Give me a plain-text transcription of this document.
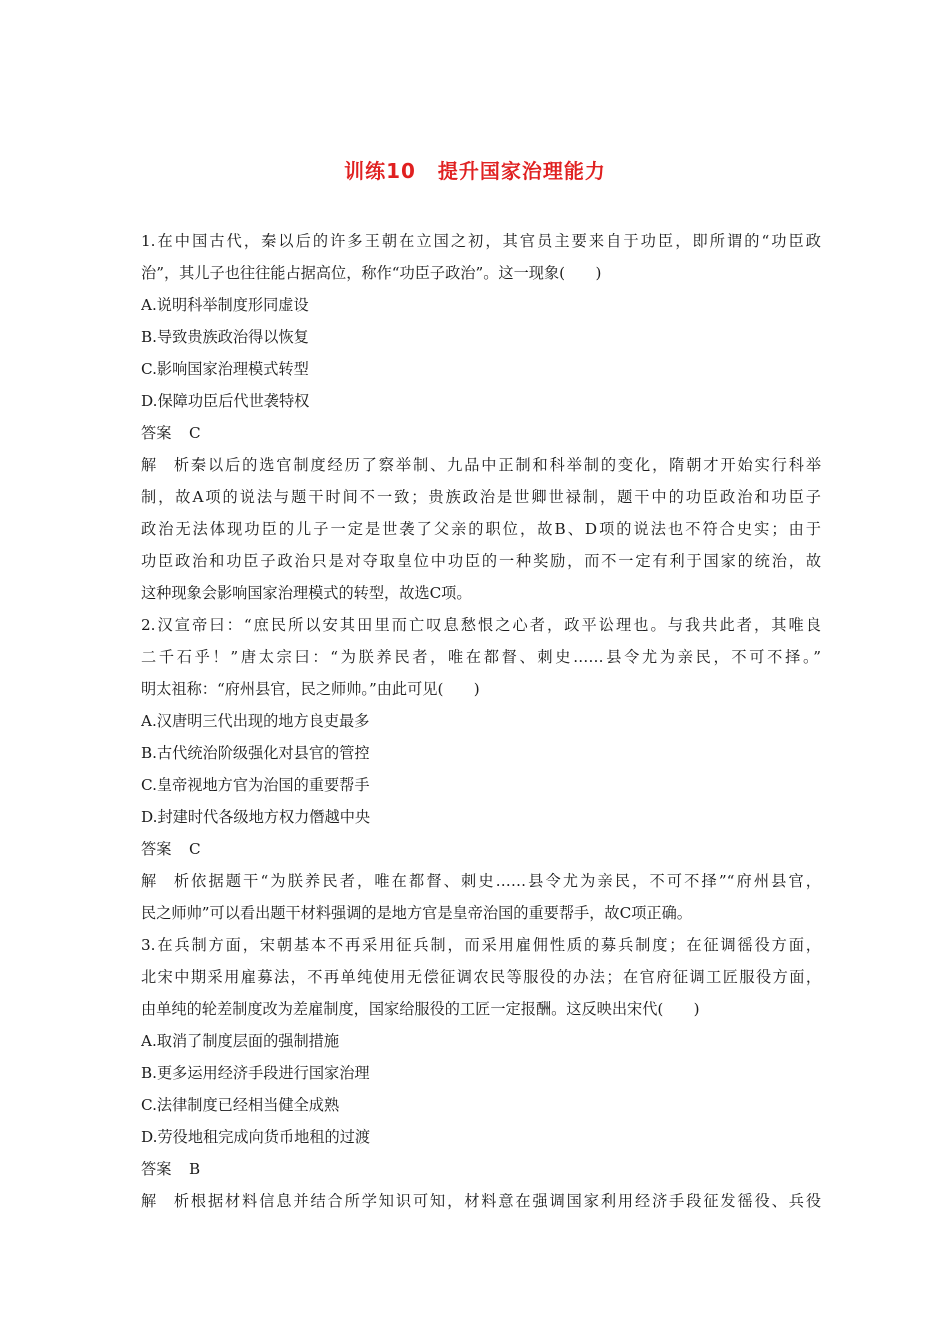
训练10 提升国家治理能力
1.在中国古代，秦以后的许多王朝在立国之初，其官员主要来自于功臣，即所谓的“功臣政
治”，其儿子也往往能占据高位，称作“功臣子政治”。这一现象(　　)
A.说明科举制度形同虚设
B.导致贵族政治得以恢复
C.影响国家治理模式转型
D.保障功臣后代世袭特权
答案 C
解析秦以后的选官制度经历了察举制、九品中正制和科举制的变化，隋朝才开始实行科举
制，故A项的说法与题干时间不一致；贵族政治是世卿世禄制，题干中的功臣政治和功臣子
政治无法体现功臣的儿子一定是世袭了父亲的职位，故B、D项的说法也不符合史实；由于
功臣政治和功臣子政治只是对夺取皇位中功臣的一种奖励，而不一定有利于国家的统治，故
这种现象会影响国家治理模式的转型，故选C项。
2.汉宣帝曰：“庶民所以安其田里而亡叹息愁恨之心者，政平讼理也。与我共此者，其唯良
二千石乎！”唐太宗曰：“为朕养民者，唯在都督、刺史……县令尤为亲民，不可不择。”
明太祖称：“府州县官，民之师帅。”由此可见(　　)
A.汉唐明三代出现的地方良吏最多
B.古代统治阶级强化对县官的管控
C.皇帝视地方官为治国的重要帮手
D.封建时代各级地方权力僭越中央
答案 C
解析依据题干“为朕养民者，唯在都督、刺史……县令尤为亲民，不可不择”“府州县官，
民之师帅”可以看出题干材料强调的是地方官是皇帝治国的重要帮手，故C项正确。
3.在兵制方面，宋朝基本不再采用征兵制，而采用雇佣性质的募兵制度；在征调徭役方面，
北宋中期采用雇募法，不再单纯使用无偿征调农民等服役的办法；在官府征调工匠服役方面，
由单纯的轮差制度改为差雇制度，国家给服役的工匠一定报酬。这反映出宋代(　　)
A.取消了制度层面的强制措施
B.更多运用经济手段进行国家治理
C.法律制度已经相当健全成熟
D.劳役地租完成向货币地租的过渡
答案 B
解析根据材料信息并结合所学知识可知，材料意在强调国家利用经济手段征发徭役、兵役
